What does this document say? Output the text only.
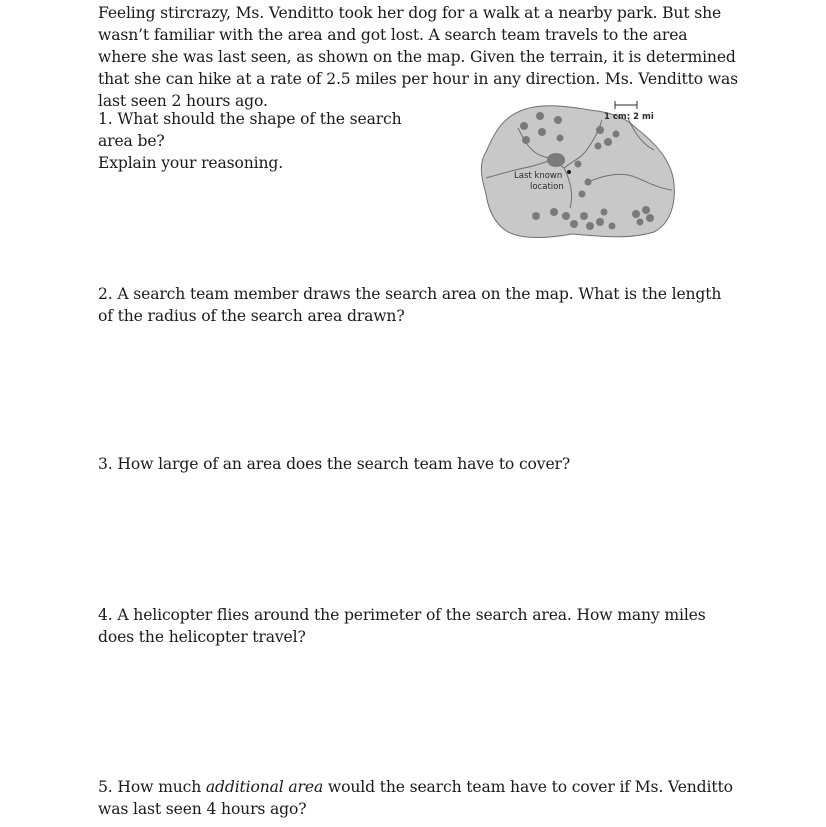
Feeling stircrazy, Ms. Venditto took her dog for a walk at a nearby park. But she wasn’t familiar with the area and got lost. A search team travels to the area where she was last seen, as shown on the map. Given the terrain, it is determined that she can hike at a rate of 2.5 miles per hour in any direction. Ms. Venditto was last seen 2 hours ago.

1. What should the shape of the search area be?

Explain your reasoning.

1 cm: 2 mi
Last known
location

2. A search team member draws the search area on the map. What is the length of the radius of the search area drawn?

3. How large of an area does the search team have to cover?

4. A helicopter flies around the perimeter of the search area. How many miles does the helicopter travel?

5. How much additional area would the search team have to cover if Ms. Venditto was last seen 4 hours ago?
